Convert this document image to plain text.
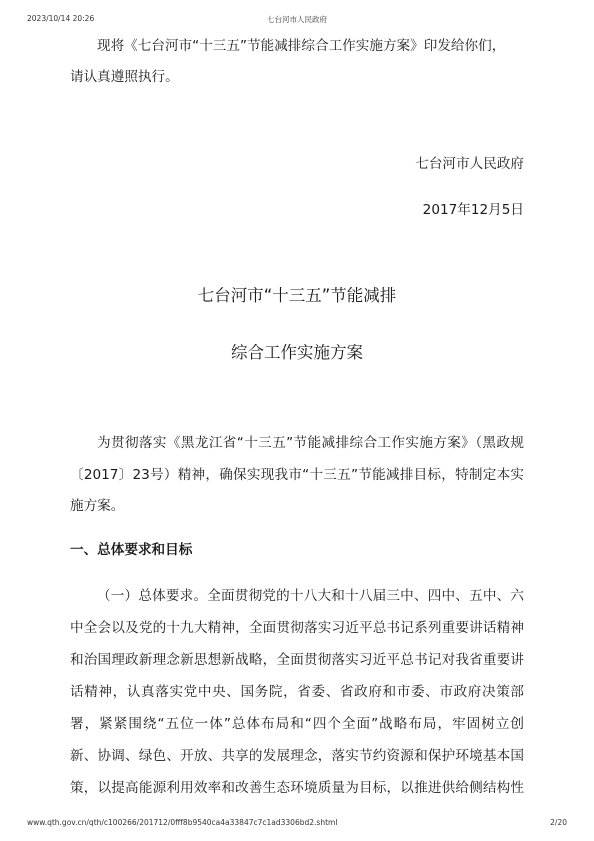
2023/10/14 20:26	七台河市人民政府
现将《七台河市“十三五”节能减排综合工作实施方案》印发给你们，
请认真遵照执行。
七台河市人民政府
2017年12月5日
七台河市“十三五”节能减排
综合工作实施方案
为贯彻落实《黑龙江省“十三五”节能减排综合工作实施方案》（黑政规
〔2017〕23号）精神，确保实现我市“十三五”节能减排目标，特制定本实
施方案。
一、总体要求和目标
（一）总体要求。全面贯彻党的十八大和十八届三中、四中、五中、六
中全会以及党的十九大精神，全面贯彻落实习近平总书记系列重要讲话精神
和治国理政新理念新思想新战略，全面贯彻落实习近平总书记对我省重要讲
话精神，认真落实党中央、国务院，省委、省政府和市委、市政府决策部
署，紧紧围绕“五位一体”总体布局和“四个全面”战略布局，牢固树立创
新、协调、绿色、开放、共享的发展理念，落实节约资源和保护环境基本国
策，以提高能源利用效率和改善生态环境质量为目标，以推进供给侧结构性
www.qth.gov.cn/qth/c100266/201712/0fff8b9540ca4a33847c7c1ad3306bd2.shtml	2/20
